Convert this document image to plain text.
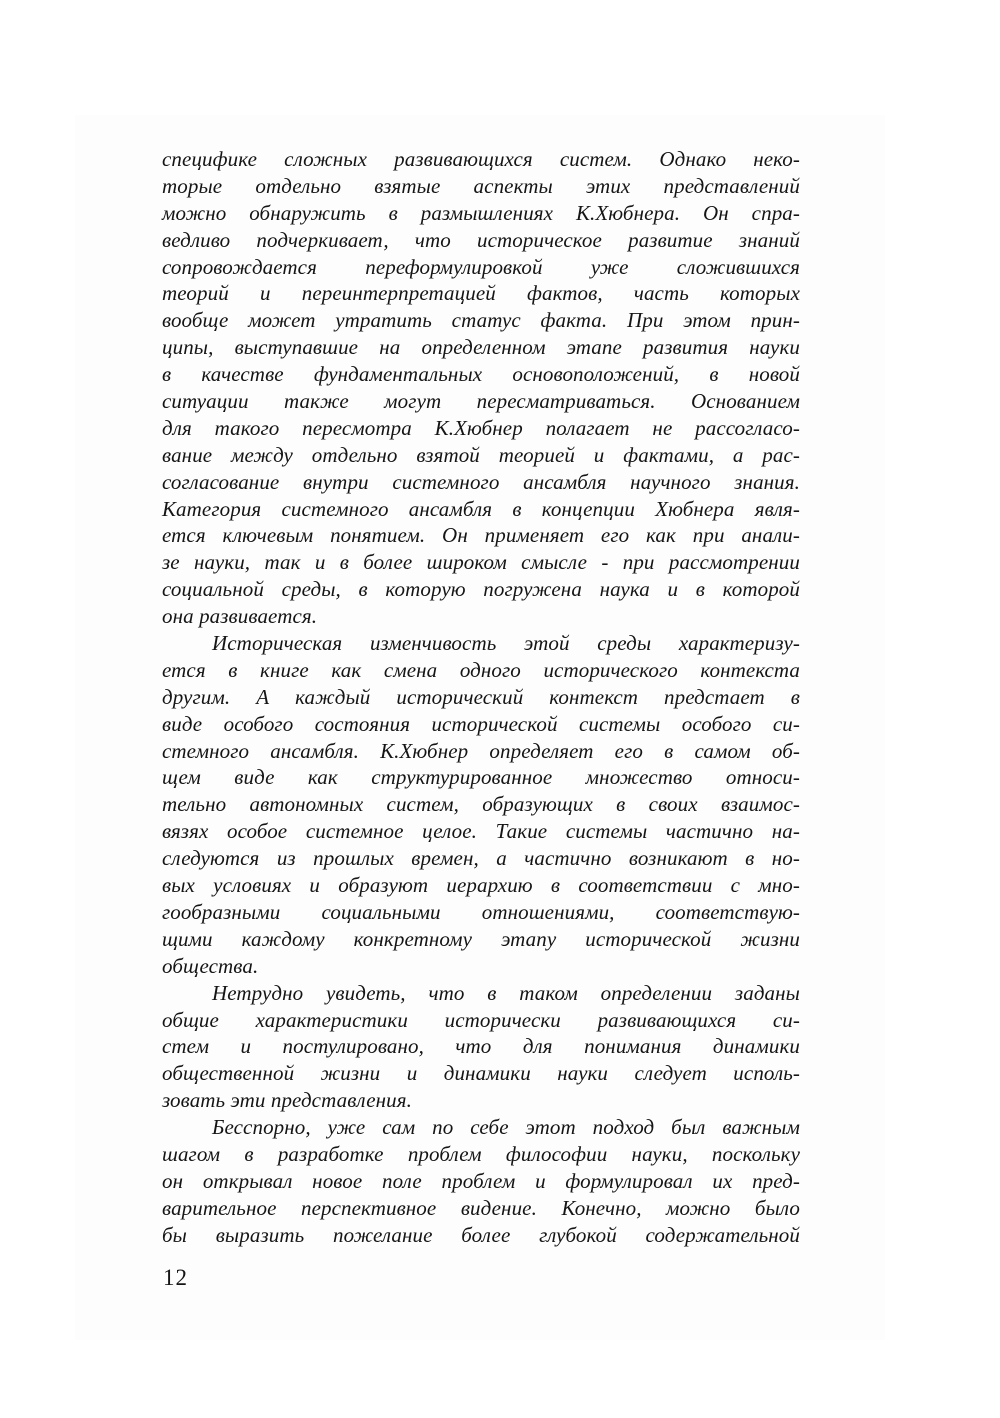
специфике сложных развивающихся систем. Однако неко-
торые отдельно взятые аспекты этих представлений
можно обнаружить в размышлениях К.Хюбнера. Он спра-
ведливо подчеркивает, что историческое развитие знаний
сопровождается переформулировкой уже сложившихся
теорий и переинтерпретацией фактов, часть которых
вообще может утратить статус факта. При этом прин-
ципы, выступавшие на определенном этапе развития науки
в качестве фундаментальных основоположений, в новой
ситуации также могут пересматриваться. Основанием
для такого пересмотра К.Хюбнер полагает не рассогласо-
вание между отдельно взятой теорией и фактами, а рас-
согласование внутри системного ансамбля научного знания.
Категория системного ансамбля в концепции Хюбнера явля-
ется ключевым понятием. Он применяет его как при анали-
зе науки, так и в более широком смысле - при рассмотрении
социальной среды, в которую погружена наука и в которой
она развивается.
Историческая изменчивость этой среды характеризу-
ется в книге как смена одного исторического контекста
другим. А каждый исторический контекст предстает в
виде особого состояния исторической системы особого си-
стемного ансамбля. К.Хюбнер определяет его в самом об-
щем виде как структурированное множество относи-
тельно автономных систем, образующих в своих взаимос-
вязях особое системное целое. Такие системы частично на-
следуются из прошлых времен, а частично возникают в но-
вых условиях и образуют иерархию в соответствии с мно-
гообразными социальными отношениями, соответствую-
щими каждому конкретному этапу исторической жизни
общества.
Нетрудно увидеть, что в таком определении заданы
общие характеристики исторически развивающихся си-
стем и постулировано, что для понимания динамики
общественной жизни и динамики науки следует исполь-
зовать эти представления.
Бесспорно, уже сам по себе этот подход был важным
шагом в разработке проблем философии науки, поскольку
он открывал новое поле проблем и формулировал их пред-
варительное перспективное видение. Конечно, можно было
бы выразить пожелание более глубокой содержательной
12
